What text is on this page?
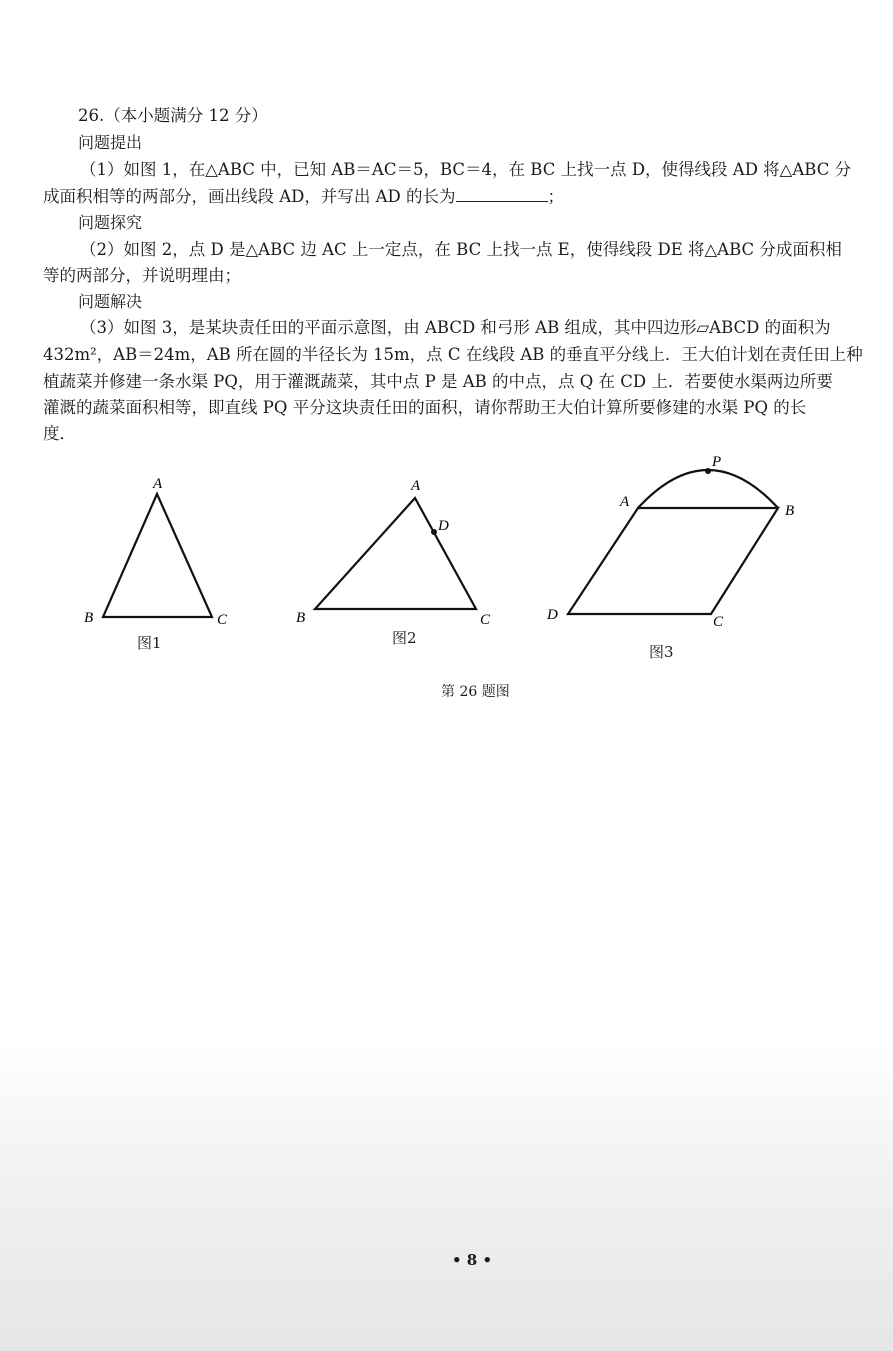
26.（本小题满分 12 分）
问题提出
（1）如图 1，在△ABC 中，已知 AB＝AC＝5，BC＝4，在 BC 上找一点 D，使得线段 AD 将△ABC 分
成面积相等的两部分，画出线段 AD，并写出 AD 的长为	；
问题探究
（2）如图 2，点 D 是△ABC 边 AC 上一定点，在 BC 上找一点 E，使得线段 DE 将△ABC 分成面积相
等的两部分，并说明理由；
问题解决
（3）如图 3，是某块责任田的平面示意图，由 ABCD 和弓形 AB 组成，其中四边形▱ABCD 的面积为
432m²，AB＝24m，AB 所在圆的半径长为 15m，点 C 在线段 AB 的垂直平分线上．王大伯计划在责任田上种
植蔬菜并修建一条水渠 PQ，用于灌溉蔬菜，其中点 P 是 AB 的中点，点 Q 在 CD 上．若要使水渠两边所要
灌溉的蔬菜面积相等，即直线 PQ 平分这块责任田的面积，请你帮助王大伯计算所要修建的水渠 PQ 的长
度．
A
B	C
A
D
B	C
P
A
B
C
D
图1	图2
图3
第 26 题图
• 8 •
